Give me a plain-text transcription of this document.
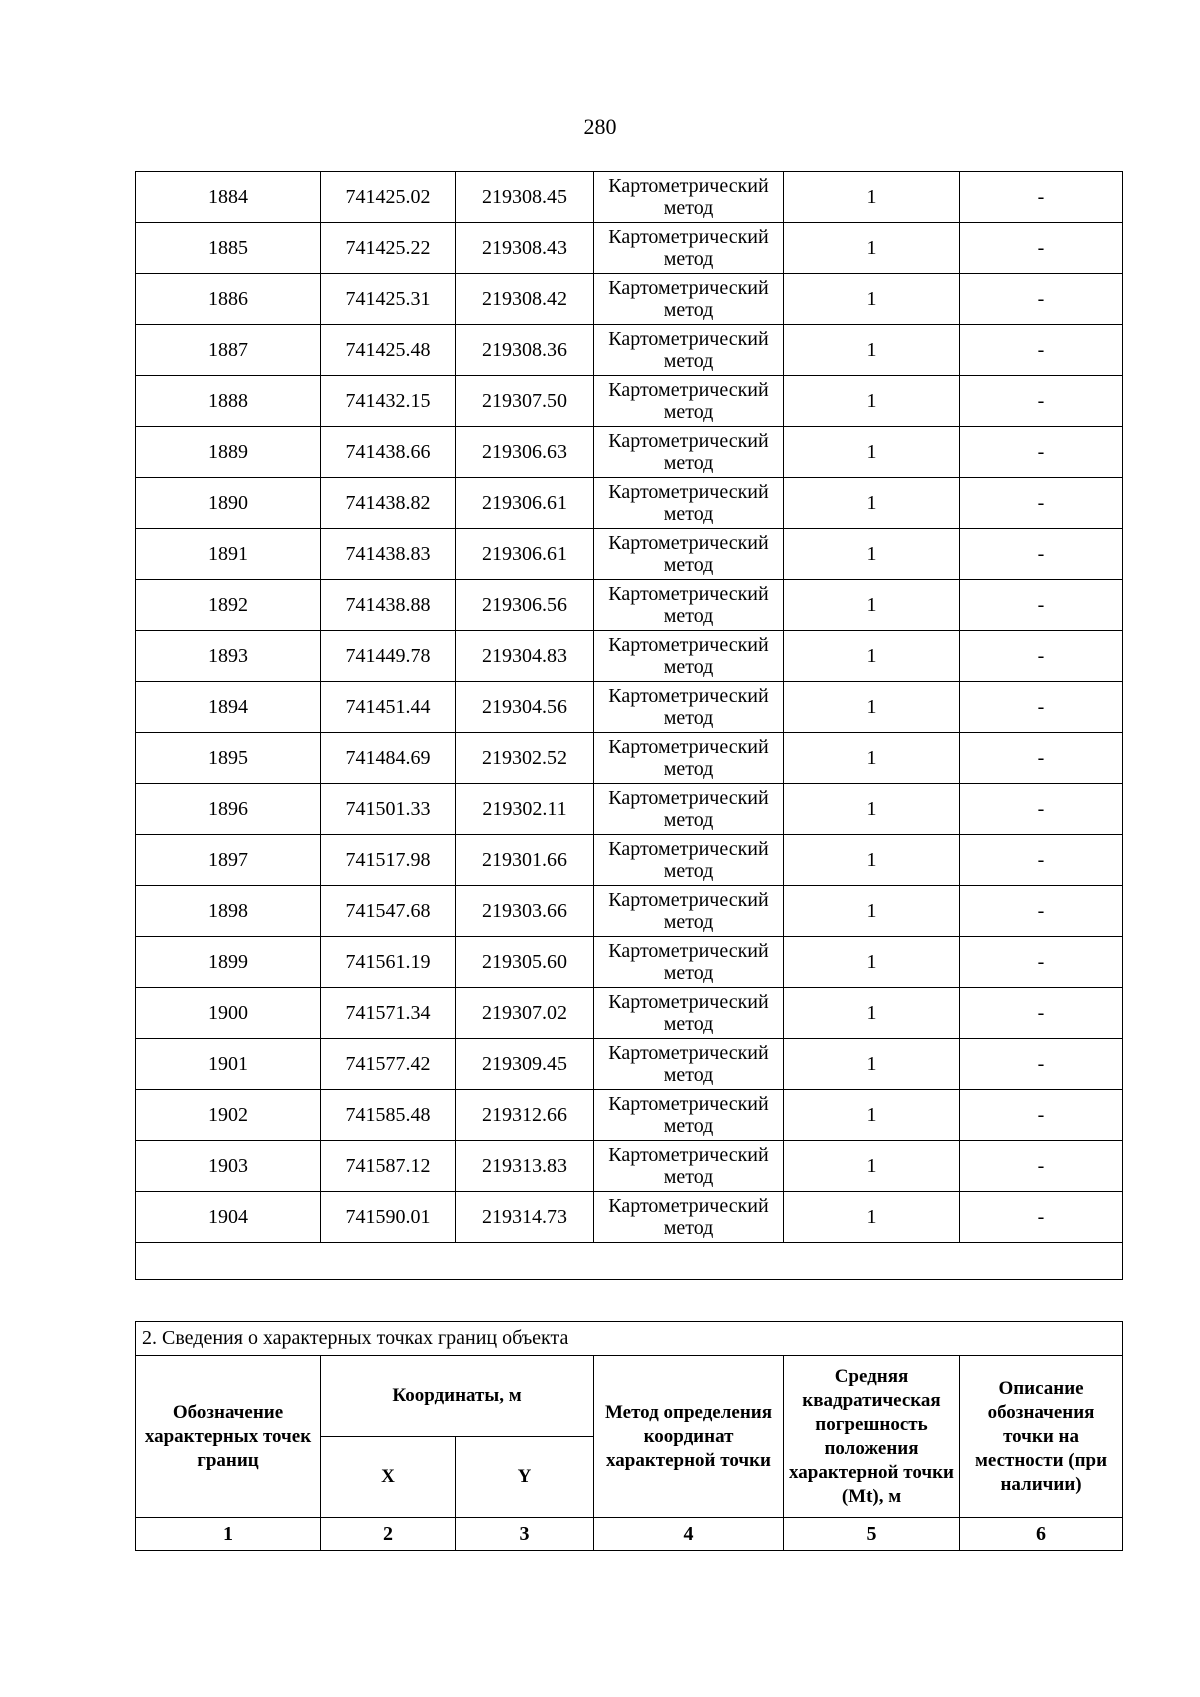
280
1884	741425.02	219308.45	Картометрический метод	1	-
1885	741425.22	219308.43	Картометрический метод	1	-
1886	741425.31	219308.42	Картометрический метод	1	-
1887	741425.48	219308.36	Картометрический метод	1	-
1888	741432.15	219307.50	Картометрический метод	1	-
1889	741438.66	219306.63	Картометрический метод	1	-
1890	741438.82	219306.61	Картометрический метод	1	-
1891	741438.83	219306.61	Картометрический метод	1	-
1892	741438.88	219306.56	Картометрический метод	1	-
1893	741449.78	219304.83	Картометрический метод	1	-
1894	741451.44	219304.56	Картометрический метод	1	-
1895	741484.69	219302.52	Картометрический метод	1	-
1896	741501.33	219302.11	Картометрический метод	1	-
1897	741517.98	219301.66	Картометрический метод	1	-
1898	741547.68	219303.66	Картометрический метод	1	-
1899	741561.19	219305.60	Картометрический метод	1	-
1900	741571.34	219307.02	Картометрический метод	1	-
1901	741577.42	219309.45	Картометрический метод	1	-
1902	741585.48	219312.66	Картометрический метод	1	-
1903	741587.12	219313.83	Картометрический метод	1	-
1904	741590.01	219314.73	Картометрический метод	1	-

2. Сведения о характерных точках границ объекта					
Обозначение характерных точек границ	Координаты, м		Метод определения координат характерной точки	Средняя квадратическая погрешность положения характерной точки (Mt), м	Описание обозначения точки на местности (при наличии)
	X	Y			
1	2	3	4	5	6
